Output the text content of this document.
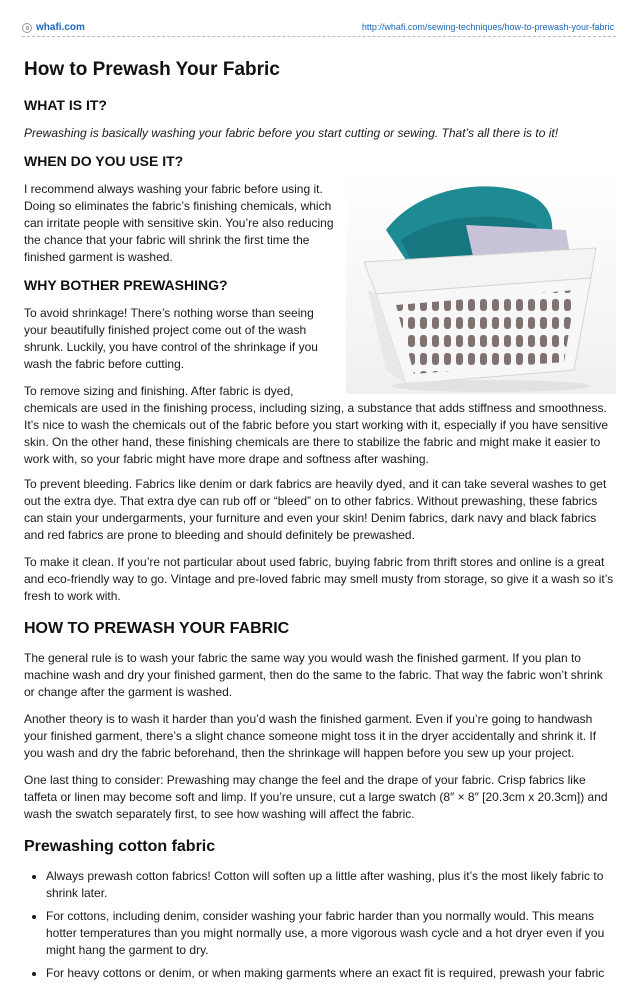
whafi.com	http://whafi.com/sewing-techniques/how-to-prewash-your-fabric
How to Prewash Your Fabric
WHAT IS IT?

Prewashing is basically washing your fabric before you start cutting or sewing. That’s all there is to it!

WHEN DO YOU USE IT?

I recommend always washing your fabric before using it. Doing so eliminates the fabric’s finishing chemicals, which can irritate people with sensitive skin. You’re also reducing the chance that your fabric will shrink the first time the finished garment is washed.

WHY BOTHER PREWASHING?

To avoid shrinkage! There’s nothing worse than seeing your beautifully finished project come out of the wash shrunk. Luckily, you have control of the shrinkage if you wash the fabric before cutting.

To remove sizing and finishing. After fabric is dyed,
chemicals are used in the finishing process, including sizing, a substance that adds stiffness and smoothness. It’s nice to wash the chemicals out of the fabric before you start working with it, especially if you have sensitive skin. On the other hand, these finishing chemicals are there to stabilize the fabric and might make it easier to work with, so your fabric might have more drape and softness after washing.

To prevent bleeding. Fabrics like denim or dark fabrics are heavily dyed, and it can take several washes to get out the extra dye. That extra dye can rub off or “bleed” on to other fabrics. Without prewashing, these fabrics can stain your undergarments, your furniture and even your skin! Denim fabrics, dark navy and black fabrics and red fabrics are prone to bleeding and should definitely be prewashed.

To make it clean. If you’re not particular about used fabric, buying fabric from thrift stores and online is a great and eco-friendly way to go. Vintage and pre-loved fabric may smell musty from storage, so give it a wash so it’s fresh to work with.

HOW TO PREWASH YOUR FABRIC

The general rule is to wash your fabric the same way you would wash the finished garment. If you plan to machine wash and dry your finished garment, then do the same to the fabric. That way the fabric won’t shrink or change after the garment is washed.

Another theory is to wash it harder than you’d wash the finished garment. Even if you’re going to handwash your finished garment, there’s a slight chance someone might toss it in the dryer accidentally and shrink it. If you wash and dry the fabric beforehand, then the shrinkage will happen before you sew up your project.

One last thing to consider: Prewashing may change the feel and the drape of your fabric. Crisp fabrics like taffeta or linen may become soft and limp. If you’re unsure, cut a large swatch (8″ × 8″ [20.3cm x 20.3cm]) and wash the swatch separately first, to see how washing will affect the fabric.

Prewashing cotton fabric
• Always prewash cotton fabrics! Cotton will soften up a little after washing, plus it’s the most likely fabric to shrink later.
• For cottons, including denim, consider washing your fabric harder than you normally would. This means hotter temperatures than you might normally use, a more vigorous wash cycle and a hot dryer even if you might hang the garment to dry.
• For heavy cottons or denim, or when making garments where an exact fit is required, prewash your fabric
